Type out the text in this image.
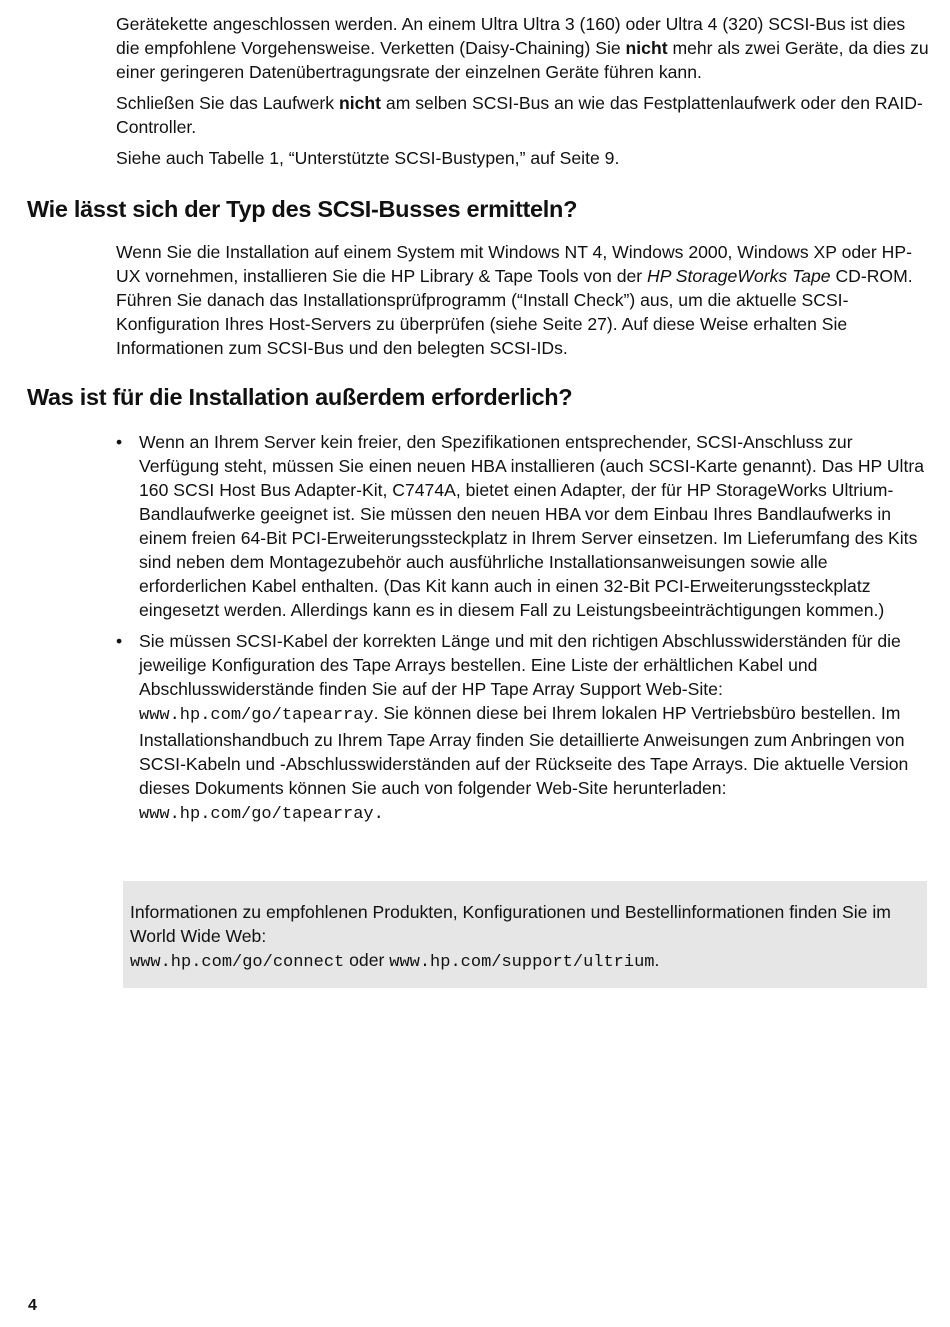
Gerätekette angeschlossen werden. An einem Ultra Ultra 3 (160) oder Ultra 4 (320) SCSI-Bus ist dies die empfohlene Vorgehensweise. Verketten (Daisy-Chaining) Sie nicht mehr als zwei Geräte, da dies zu einer geringeren Datenübertragungsrate der einzelnen Geräte führen kann.

Schließen Sie das Laufwerk nicht am selben SCSI-Bus an wie das Festplattenlaufwerk oder den RAID-Controller.

Siehe auch Tabelle 1, “Unterstützte SCSI-Bustypen,” auf Seite 9.

Wie lässt sich der Typ des SCSI-Busses ermitteln?

Wenn Sie die Installation auf einem System mit Windows NT 4, Windows 2000, Windows XP oder HP-UX vornehmen, installieren Sie die HP Library & Tape Tools von der HP StorageWorks Tape CD-ROM. Führen Sie danach das Installationsprüfprogramm (“Install Check”) aus, um die aktuelle SCSI-Konfiguration Ihres Host-Servers zu überprüfen (siehe Seite 27). Auf diese Weise erhalten Sie Informationen zum SCSI-Bus und den belegten SCSI-IDs.

Was ist für die Installation außerdem erforderlich?
• Wenn an Ihrem Server kein freier, den Spezifikationen entsprechender, SCSI-Anschluss zur Verfügung steht, müssen Sie einen neuen HBA installieren (auch SCSI-Karte genannt). Das HP Ultra 160 SCSI Host Bus Adapter-Kit, C7474A, bietet einen Adapter, der für HP StorageWorks Ultrium-Bandlaufwerke geeignet ist. Sie müssen den neuen HBA vor dem Einbau Ihres Bandlaufwerks in einem freien 64-Bit PCI-Erweiterungssteckplatz in Ihrem Server einsetzen. Im Lieferumfang des Kits sind neben dem Montagezubehör auch ausführliche Installationsanweisungen sowie alle erforderlichen Kabel enthalten. (Das Kit kann auch in einen 32-Bit PCI-Erweiterungssteckplatz eingesetzt werden. Allerdings kann es in diesem Fall zu Leistungsbeeinträchtigungen kommen.)
• Sie müssen SCSI-Kabel der korrekten Länge und mit den richtigen Abschlusswiderständen für die jeweilige Konfiguration des Tape Arrays bestellen. Eine Liste der erhältlichen Kabel und Abschlusswiderstände finden Sie auf der HP Tape Array Support Web-Site: www.hp.com/go/tapearray. Sie können diese bei Ihrem lokalen HP Vertriebsbüro bestellen. Im Installationshandbuch zu Ihrem Tape Array finden Sie detaillierte Anweisungen zum Anbringen von SCSI-Kabeln und -Abschlusswiderständen auf der Rückseite des Tape Arrays. Die aktuelle Version dieses Dokuments können Sie auch von folgender Web-Site herunterladen: www.hp.com/go/tapearray.

Informationen zu empfohlenen Produkten, Konfigurationen und Bestellinformationen finden Sie im World Wide Web:
www.hp.com/go/connect oder www.hp.com/support/ultrium.

4
